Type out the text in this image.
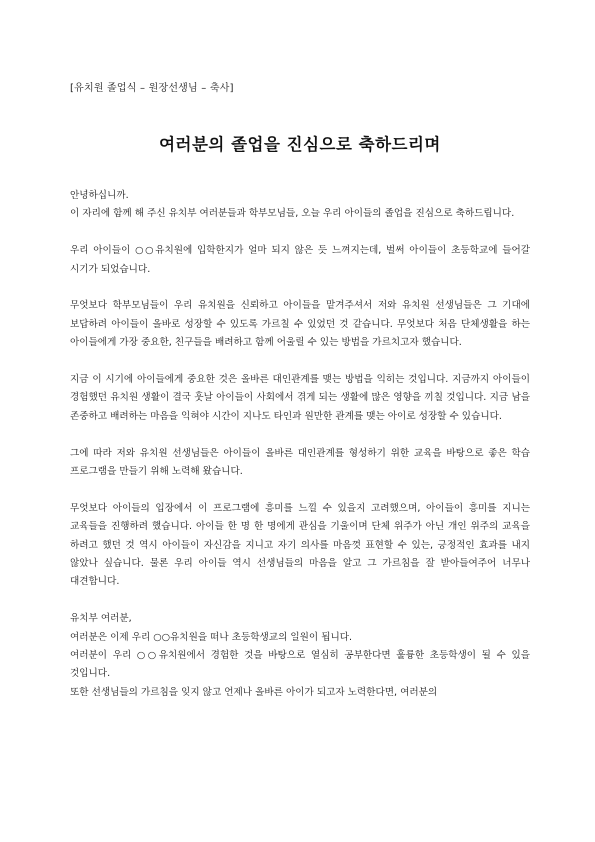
[유치원 졸업식 – 원장선생님 – 축사]

여러분의 졸업을 진심으로 축하드리며

안녕하십니까.
이 자리에 함께 해 주신 유치부 여러분들과 학부모님들, 오늘 우리 아이들의 졸업을 진심으로 축하드립니다.

우리 아이들이 ○○유치원에 입학한지가 얼마 되지 않은 듯 느껴지는데, 벌써 아이들이 초등학교에 들어갈 시기가 되었습니다.

무엇보다 학부모님들이 우리 유치원을 신뢰하고 아이들을 맡겨주셔서 저와 유치원 선생님들은 그 기대에 보답하려 아이들이 올바로 성장할 수 있도록 가르칠 수 있었던 것 같습니다. 무엇보다 처음 단체생활을 하는 아이들에게 가장 중요한, 친구들을 배려하고 함께 어울릴 수 있는 방법을 가르치고자 했습니다.

지금 이 시기에 아이들에게 중요한 것은 올바른 대인관계를 맺는 방법을 익히는 것입니다. 지금까지 아이들이 경험했던 유치원 생활이 결국 훗날 아이들이 사회에서 겪게 되는 생활에 많은 영향을 끼칠 것입니다. 지금 남을 존중하고 배려하는 마음을 익혀야 시간이 지나도 타인과 원만한 관계를 맺는 아이로 성장할 수 있습니다.

그에 따라 저와 유치원 선생님들은 아이들이 올바른 대인관계를 형성하기 위한 교육을 바탕으로 좋은 학습 프로그램을 만들기 위해 노력해 왔습니다.

무엇보다 아이들의 입장에서 이 프로그램에 흥미를 느낄 수 있을지 고려했으며, 아이들이 흥미를 지니는 교육들을 진행하려 했습니다. 아이들 한 명 한 명에게 관심을 기울이며 단체 위주가 아닌 개인 위주의 교육을 하려고 했던 것 역시 아이들이 자신감을 지니고 자기 의사를 마음껏 표현할 수 있는, 긍정적인 효과를 내지 않았나 싶습니다. 물론 우리 아이들 역시 선생님들의 마음을 알고 그 가르침을 잘 받아들여주어 너무나 대견합니다.

유치부 여러분,
여러분은 이제 우리 ○○유치원을 떠나 초등학생교의 일원이 됩니다.
여러분이 우리 ○○유치원에서 경험한 것을 바탕으로 열심히 공부한다면 훌륭한 초등학생이 될 수 있을 것입니다.
또한 선생님들의 가르침을 잊지 않고 언제나 올바른 아이가 되고자 노력한다면, 여러분의
